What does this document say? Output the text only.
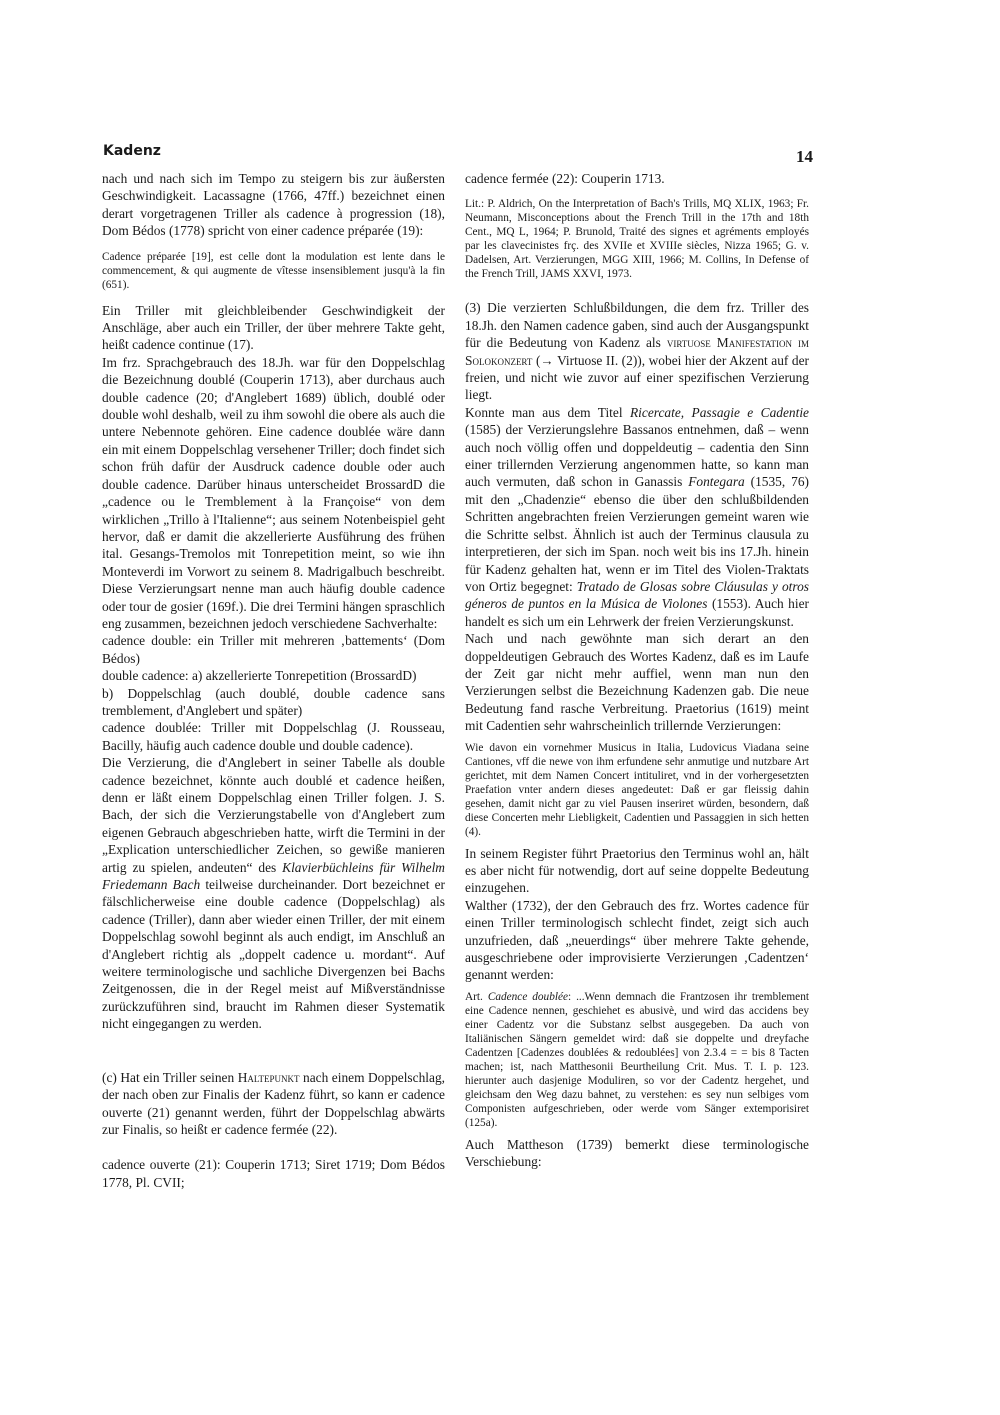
Kadenz	14

nach und nach sich im Tempo zu steigern bis zur äußersten Geschwindigkeit. Lacassagne (1766, 47ff.) bezeichnet einen derart vorgetragenen Triller als cadence à progression (18), Dom Bédos (1778) spricht von einer cadence préparée (19):

Cadence préparée [19], est celle dont la modulation est lente dans le commencement, & qui augmente de vîtesse insensiblement jusqu'à la fin (651).

Ein Triller mit gleichbleibender Geschwindigkeit der Anschläge, aber auch ein Triller, der über mehrere Takte geht, heißt cadence continue (17).

Im frz. Sprachgebrauch des 18.Jh. war für den Doppelschlag die Bezeichnung doublé (Couperin 1713), aber durchaus auch double cadence (20; d'Anglebert 1689) üblich, doublé oder double wohl deshalb, weil zu ihm sowohl die obere als auch die untere Nebennote gehören. Eine cadence doublée wäre dann ein mit einem Doppelschlag versehener Triller; doch findet sich schon früh dafür der Ausdruck cadence double oder auch double cadence. Darüber hinaus unterscheidet BrossardD die „cadence ou le Tremblement à la Françoise“ von dem wirklichen „Trillo à l'Italienne“; aus seinem Notenbeispiel geht hervor, daß er damit die akzellerierte Ausführung des frühen ital. Gesangs-Tremolos mit Tonrepetition meint, so wie ihn Monteverdi im Vorwort zu seinem 8. Madrigalbuch beschreibt. Diese Verzierungsart nenne man auch häufig double cadence oder tour de gosier (169f.). Die drei Termini hängen spraschlich eng zusammen, bezeichnen jedoch verschiedene Sachverhalte:

cadence double: ein Triller mit mehreren ‚battements‘ (Dom Bédos)

double cadence: a) akzellerierte Tonrepetition (BrossardD)

b) Doppelschlag (auch doublé, double cadence sans tremblement, d'Anglebert und später)

cadence doublée: Triller mit Doppelschlag (J. Rousseau, Bacilly, häufig auch cadence double und double cadence).

Die Verzierung, die d'Anglebert in seiner Tabelle als double cadence bezeichnet, könnte auch doublé et cadence heißen, denn er läßt einem Doppelschlag einen Triller folgen. J. S. Bach, der sich die Verzierungstabelle von d'Anglebert zum eigenen Gebrauch abgeschrieben hatte, wirft die Termini in der „Explication unterschiedlicher Zeichen, so gewiße manieren artig zu spielen, andeuten“ des Klavierbüchleins für Wilhelm Friedemann Bach teilweise durcheinander. Dort bezeichnet er fälschlicherweise eine double cadence (Doppelschlag) als cadence (Triller), dann aber wieder einen Triller, der mit einem Doppelschlag sowohl beginnt als auch endigt, im Anschluß an d'Anglebert richtig als „doppelt cadence u. mordant“. Auf weitere terminologische und sachliche Divergenzen bei Bachs Zeitgenossen, die in der Regel meist auf Mißverständnisse zurückzuführen sind, braucht im Rahmen dieser Systematik nicht eingegangen zu werden.

(c) Hat ein Triller seinen Haltepunkt nach einem Doppelschlag, der nach oben zur Finalis der Kadenz führt, so kann er cadence ouverte (21) genannt werden, führt der Doppelschlag abwärts zur Finalis, so heißt er cadence fermée (22).

cadence ouverte (21): Couperin 1713; Siret 1719; Dom Bédos 1778, Pl. CVII;

cadence fermée (22): Couperin 1713.

Lit.: P. Aldrich, On the Interpretation of Bach's Trills, MQ XLIX, 1963; Fr. Neumann, Misconceptions about the French Trill in the 17th and 18th Cent., MQ L, 1964; P. Brunold, Traité des signes et agréments employés par les clavecinistes frç. des XVIIe et XVIIIe siècles, Nizza 1965; G. v. Dadelsen, Art. Verzierungen, MGG XIII, 1966; M. Collins, In Defense of the French Trill, JAMS XXVI, 1973.

(3) Die verzierten Schlußbildungen, die dem frz. Triller des 18.Jh. den Namen cadence gaben, sind auch der Ausgangspunkt für die Bedeutung von Kadenz als virtuose Manifestation im Solokonzert (→ Virtuose II. (2)), wobei hier der Akzent auf der freien, und nicht wie zuvor auf einer spezifischen Verzierung liegt.

Konnte man aus dem Titel Ricercate, Passagie e Cadentie (1585) der Verzierungslehre Bassanos entnehmen, daß – wenn auch noch völlig offen und doppeldeutig – cadentia den Sinn einer trillernden Verzierung angenommen hatte, so kann man auch vermuten, daß schon in Ganassis Fontegara (1535, 76) mit den „Chadenzie“ ebenso die über den schlußbildenden Schritten angebrachten freien Verzierungen gemeint waren wie die Schritte selbst. Ähnlich ist auch der Terminus clausula zu interpretieren, der sich im Span. noch weit bis ins 17.Jh. hinein für Kadenz gehalten hat, wenn er im Titel des Violen-Traktats von Ortiz begegnet: Tratado de Glosas sobre Cláusulas y otros géneros de puntos en la Música de Violones (1553). Auch hier handelt es sich um ein Lehrwerk der freien Verzierungskunst.

Nach und nach gewöhnte man sich derart an den doppeldeutigen Gebrauch des Wortes Kadenz, daß es im Laufe der Zeit gar nicht mehr auffiel, wenn man nun den Verzierungen selbst die Bezeichnung Kadenzen gab. Die neue Bedeutung fand rasche Verbreitung. Praetorius (1619) meint mit Cadentien sehr wahrscheinlich trillernde Verzierungen:

Wie davon ein vornehmer Musicus in Italia, Ludovicus Viadana seine Cantiones, vff die newe von ihm erfundene sehr anmutige und nutzbare Art gerichtet, mit dem Namen Concert intituliret, vnd in der vorhergesetzten Praefation vnter andern dieses angedeutet: Daß er gar fleissig dahin gesehen, damit nicht gar zu viel Pausen inseriret würden, besondern, daß diese Concerten mehr Liebligkeit, Cadentien und Passaggien in sich hetten (4).

In seinem Register führt Praetorius den Terminus wohl an, hält es aber nicht für notwendig, dort auf seine doppelte Bedeutung einzugehen.

Walther (1732), der den Gebrauch des frz. Wortes cadence für einen Triller terminologisch schlecht findet, zeigt sich auch unzufrieden, daß „neuerdings“ über mehrere Takte gehende, ausgeschriebene oder improvisierte Verzierungen ‚Cadentzen‘ genannt werden:

Art. Cadence doublée: ...Wenn demnach die Frantzosen ihr tremblement eine Cadence nennen, geschiehet es abusivè, und wird das accidens bey einer Cadentz vor die Substanz selbst ausgegeben. Da auch von Italiänischen Sängern gemeldet wird: daß sie doppelte und dreyfache Cadentzen [Cadenzes doublées & redoublées] von 2.3.4 = = bis 8 Tacten machen; ist, nach Matthesonii Beurtheilung Crit. Mus. T. I. p. 123. hierunter auch dasjenige Moduliren, so vor der Cadentz hergehet, und gleichsam den Weg dazu bahnet, zu verstehen: es sey nun selbiges vom Componisten aufgeschrieben, oder werde vom Sänger extemporisiret (125a).

Auch Mattheson (1739) bemerkt diese terminologische Verschiebung:
